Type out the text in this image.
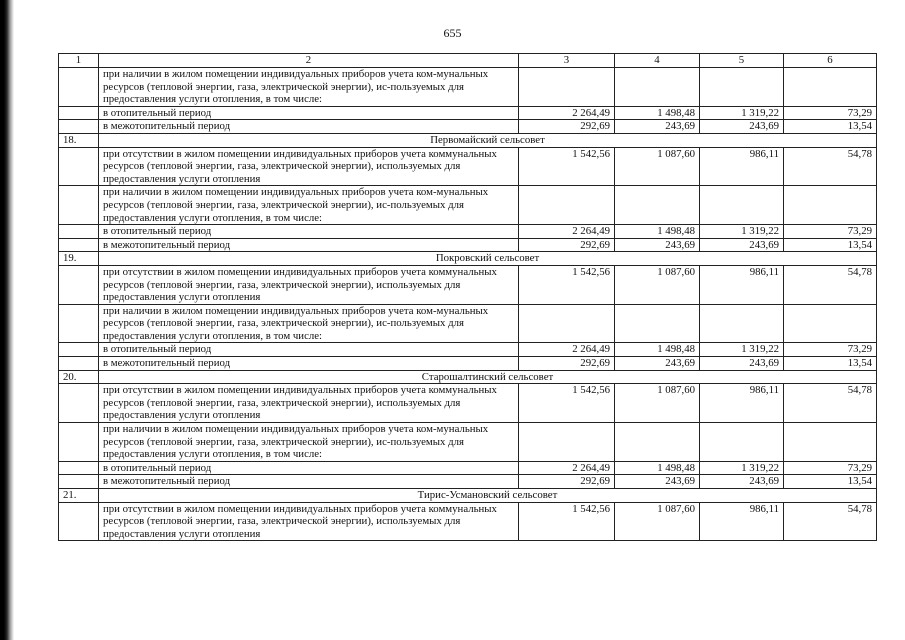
655
1	2	3	4	5	6
	при наличии в жилом помещении индивидуальных приборов учета ком-мунальных ресурсов (тепловой энергии, газа, электрической энергии), ис-пользуемых для предоставления услуги отопления, в том числе:				
	в отопительный период	2 264,49	1 498,48	1 319,22	73,29
	в межотопительный период	292,69	243,69	243,69	13,54
18.	Первомайский сельсовет				
	при отсутствии в жилом помещении индивидуальных приборов учета коммунальных ресурсов (тепловой энергии, газа, электрической энергии), используемых для предоставления услуги отопления	1 542,56	1 087,60	986,11	54,78
	при наличии в жилом помещении индивидуальных приборов учета ком-мунальных ресурсов (тепловой энергии, газа, электрической энергии), ис-пользуемых для предоставления услуги отопления, в том числе:				
	в отопительный период	2 264,49	1 498,48	1 319,22	73,29
	в межотопительный период	292,69	243,69	243,69	13,54
19.	Покровский сельсовет				
	при отсутствии в жилом помещении индивидуальных приборов учета коммунальных ресурсов (тепловой энергии, газа, электрической энергии), используемых для предоставления услуги отопления	1 542,56	1 087,60	986,11	54,78
	при наличии в жилом помещении индивидуальных приборов учета ком-мунальных ресурсов (тепловой энергии, газа, электрической энергии), ис-пользуемых для предоставления услуги отопления, в том числе:				
	в отопительный период	2 264,49	1 498,48	1 319,22	73,29
	в межотопительный период	292,69	243,69	243,69	13,54
20.	Старошалтинский сельсовет				
	при отсутствии в жилом помещении индивидуальных приборов учета коммунальных ресурсов (тепловой энергии, газа, электрической энергии), используемых для предоставления услуги отопления	1 542,56	1 087,60	986,11	54,78
	при наличии в жилом помещении индивидуальных приборов учета ком-мунальных ресурсов (тепловой энергии, газа, электрической энергии), ис-пользуемых для предоставления услуги отопления, в том числе:				
	в отопительный период	2 264,49	1 498,48	1 319,22	73,29
	в межотопительный период	292,69	243,69	243,69	13,54
21.	Тирис-Усмановский сельсовет				
	при отсутствии в жилом помещении индивидуальных приборов учета коммунальных ресурсов (тепловой энергии, газа, электрической энергии), используемых для предоставления услуги отопления	1 542,56	1 087,60	986,11	54,78
